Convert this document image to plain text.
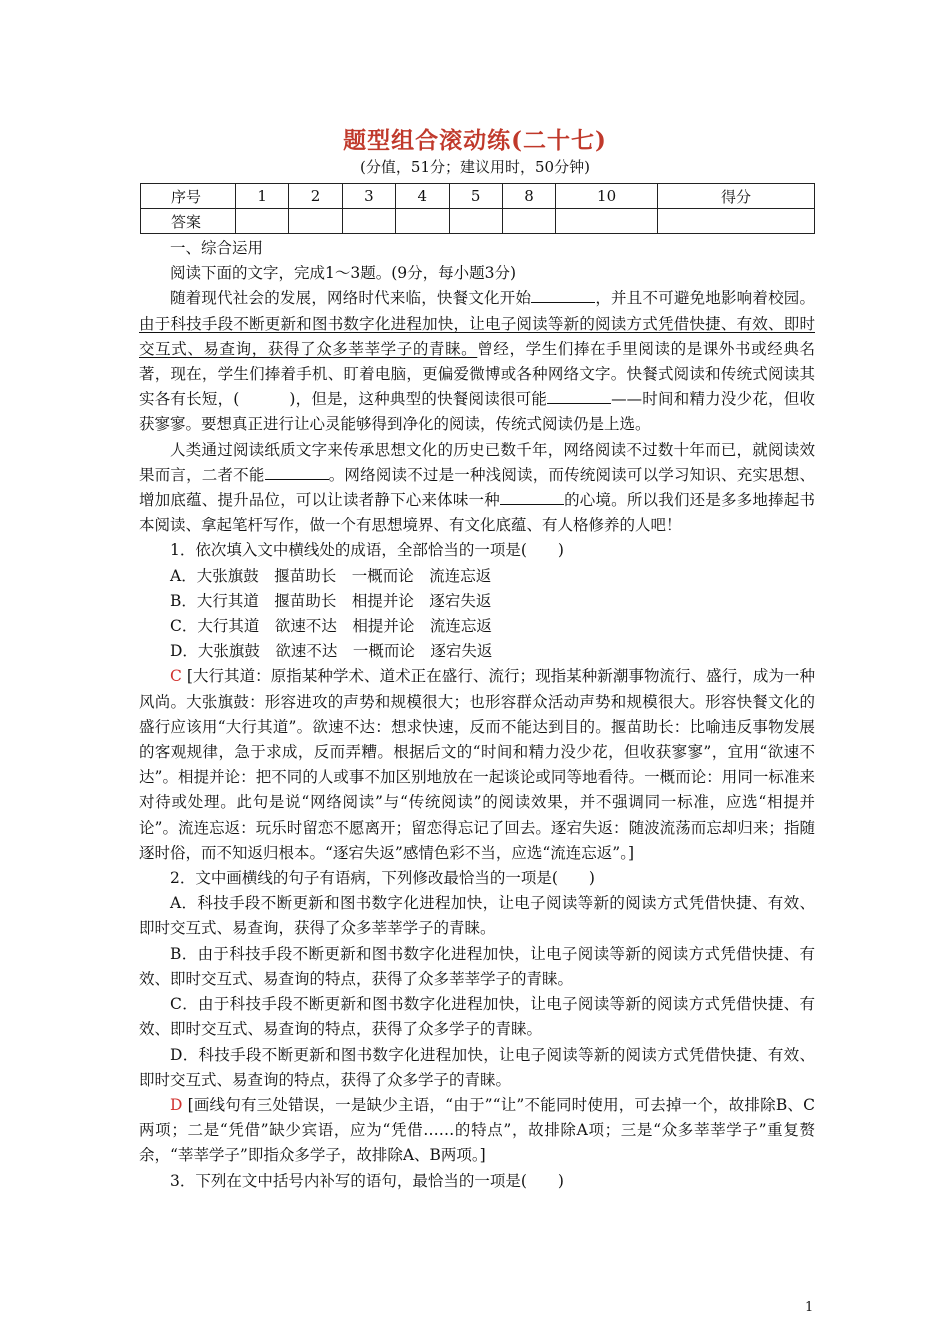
题型组合滚动练(二十七)
(分值，51分；建议用时，50分钟)
序号	1	2	3	4	5	8	10	得分
答案								

一、综合运用

阅读下面的文字，完成1～3题。(9分，每小题3分)

随着现代社会的发展，网络时代来临，快餐文化开始	，并且不可避免地影响着校园。由于科技手段不断更新和图书数字化进程加快，让电子阅读等新的阅读方式凭借快捷、有效、即时交互式、易查询，获得了众多莘莘学子的青睐。曾经，学生们捧在手里阅读的是课外书或经典名著，现在，学生们捧着手机、盯着电脑，更偏爱微博或各种网络文字。快餐式阅读和传统式阅读其实各有长短，(	)，但是，这种典型的快餐阅读很可能	——时间和精力没少花，但收获寥寥。要想真正进行让心灵能够得到净化的阅读，传统式阅读仍是上选。

人类通过阅读纸质文字来传承思想文化的历史已数千年，网络阅读不过数十年而已，就阅读效果而言，二者不能	。网络阅读不过是一种浅阅读，而传统阅读可以学习知识、充实思想、增加底蕴、提升品位，可以让读者静下心来体味一种	的心境。所以我们还是多多地捧起书本阅读、拿起笔杆写作，做一个有思想境界、有文化底蕴、有人格修养的人吧！

1．依次填入文中横线处的成语，全部恰当的一项是(　　)

A．大张旗鼓　揠苗助长　一概而论　流连忘返

B．大行其道　揠苗助长　相提并论　逐宕失返

C．大行其道　欲速不达　相提并论　流连忘返

D．大张旗鼓　欲速不达　一概而论　逐宕失返

C [大行其道：原指某种学术、道术正在盛行、流行；现指某种新潮事物流行、盛行，成为一种风尚。大张旗鼓：形容进攻的声势和规模很大；也形容群众活动声势和规模很大。形容快餐文化的盛行应该用“大行其道”。欲速不达：想求快速，反而不能达到目的。揠苗助长：比喻违反事物发展的客观规律，急于求成，反而弄糟。根据后文的“时间和精力没少花，但收获寥寥”，宜用“欲速不达”。相提并论：把不同的人或事不加区别地放在一起谈论或同等地看待。一概而论：用同一标准来对待或处理。此句是说“网络阅读”与“传统阅读”的阅读效果，并不强调同一标准，应选“相提并论”。流连忘返：玩乐时留恋不愿离开；留恋得忘记了回去。逐宕失返：随波流荡而忘却归来；指随逐时俗，而不知返归根本。“逐宕失返”感情色彩不当，应选“流连忘返”。]

2．文中画横线的句子有语病，下列修改最恰当的一项是(　　)

A．科技手段不断更新和图书数字化进程加快，让电子阅读等新的阅读方式凭借快捷、有效、即时交互式、易查询，获得了众多莘莘学子的青睐。

B．由于科技手段不断更新和图书数字化进程加快，让电子阅读等新的阅读方式凭借快捷、有效、即时交互式、易查询的特点，获得了众多莘莘学子的青睐。

C．由于科技手段不断更新和图书数字化进程加快，让电子阅读等新的阅读方式凭借快捷、有效、即时交互式、易查询的特点，获得了众多学子的青睐。

D．科技手段不断更新和图书数字化进程加快，让电子阅读等新的阅读方式凭借快捷、有效、即时交互式、易查询的特点，获得了众多学子的青睐。

D [画线句有三处错误，一是缺少主语，“由于”“让”不能同时使用，可去掉一个，故排除B、C两项；二是“凭借”缺少宾语，应为“凭借……的特点”，故排除A项；三是“众多莘莘学子”重复赘余，“莘莘学子”即指众多学子，故排除A、B两项。]

3．下列在文中括号内补写的语句，最恰当的一项是(　　)

1
